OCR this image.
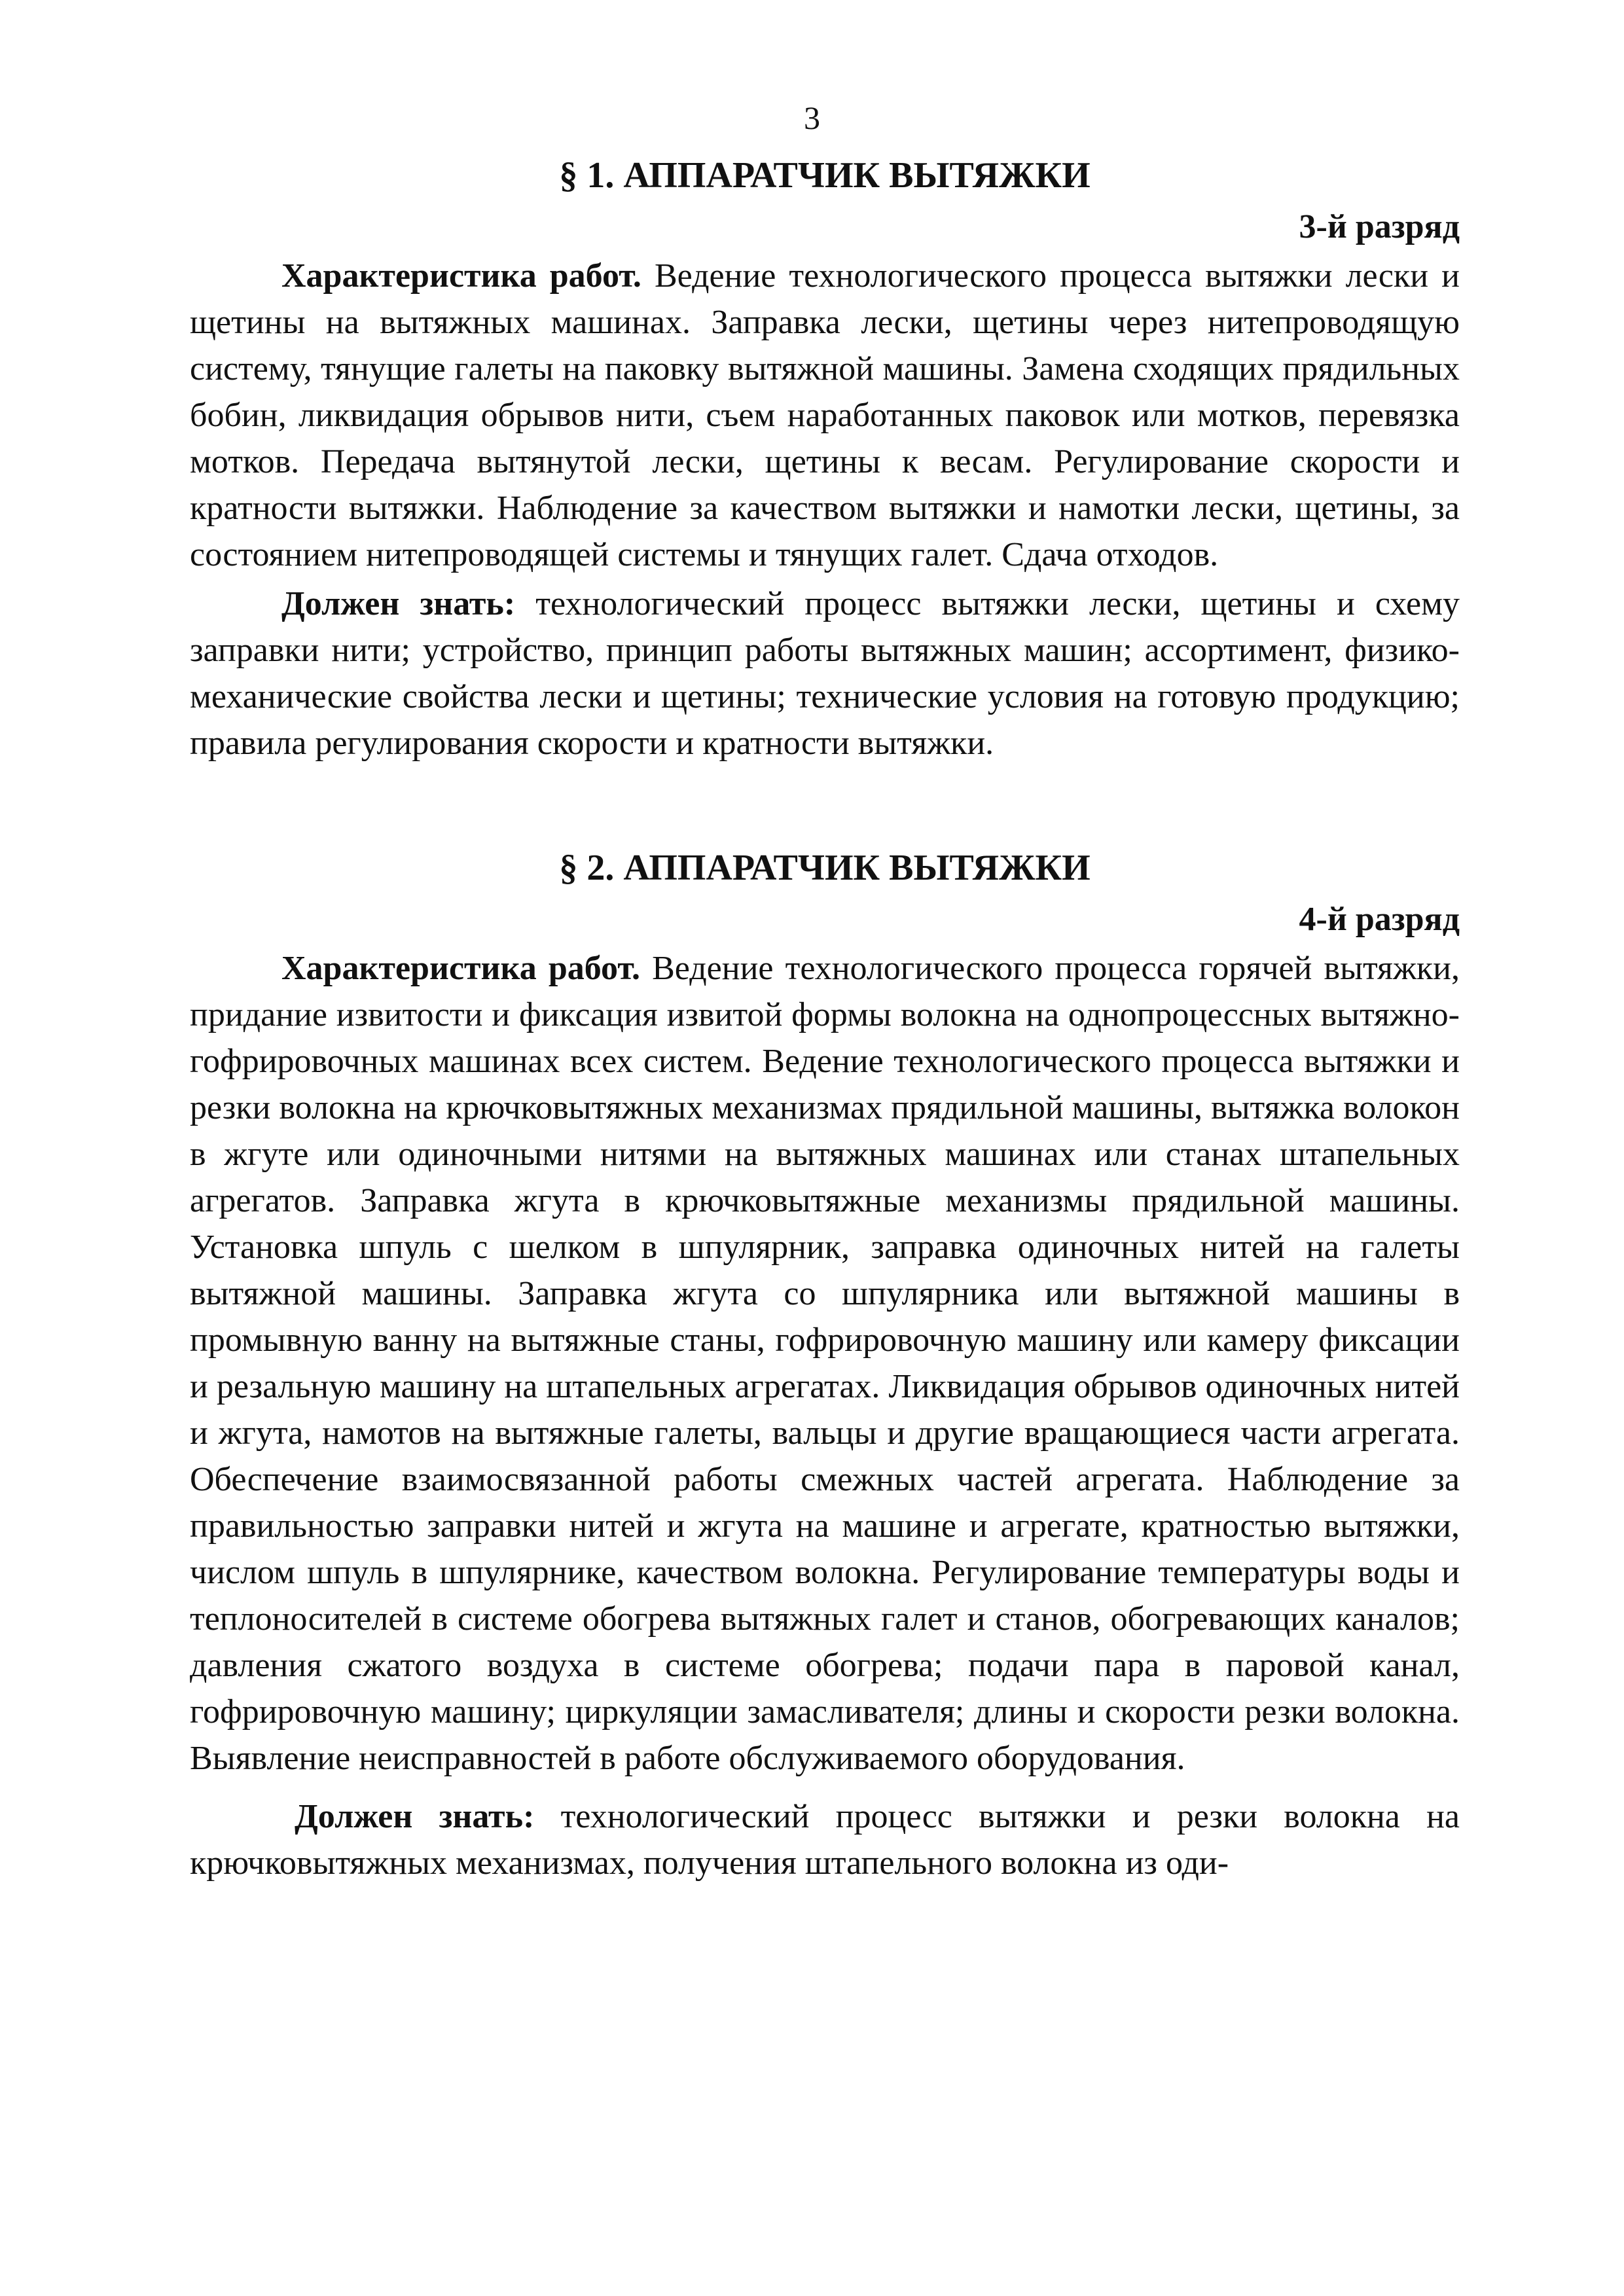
3
§ 1. АППАРАТЧИК ВЫТЯЖКИ

3-й разряд

Характеристика работ. Ведение технологического процесса вытяжки лески и щетины на вытяжных машинах. Заправка лески, щетины через нитепроводящую систему, тянущие галеты на паковку вытяжной машины. Замена сходящих прядильных бобин, ликвидация обрывов нити, съем наработанных паковок или мотков, перевязка мотков. Передача вытянутой лески, щетины к весам. Регулирование скорости и кратности вытяжки. Наблюдение за качеством вытяжки и намотки лески, щетины, за состоянием нитепроводящей системы и тянущих галет. Сдача отходов.

Должен знать: технологический процесс вытяжки лески, щетины и схему заправки нити; устройство, принцип работы вытяжных машин; ассортимент, физико-механические свойства лески и щетины; технические условия на готовую продукцию; правила регулирования скорости и кратности вытяжки.

§ 2. АППАРАТЧИК ВЫТЯЖКИ

4-й разряд

Характеристика работ. Ведение технологического процесса горячей вытяжки, придание извитости и фиксация извитой формы волокна на однопроцессных вытяжно-гофрировочных машинах всех систем. Ведение технологического процесса вытяжки и резки волокна на крючковытяжных механизмах прядильной машины, вытяжка волокон в жгуте или одиночными нитями на вытяжных машинах или станах штапельных агрегатов. Заправка жгута в крючковытяжные механизмы прядильной машины. Установка шпуль с шелком в шпулярник, заправка одиночных нитей на галеты вытяжной машины. Заправка жгута со шпулярника или вытяжной машины в промывную ванну на вытяжные станы, гофрировочную машину или камеру фиксации и резальную машину на штапельных агрегатах. Ликвидация обрывов одиночных нитей и жгута, намотов на вытяжные галеты, вальцы и другие вращающиеся части агрегата. Обеспечение взаимосвязанной работы смежных частей агрегата. Наблюдение за правильностью заправки нитей и жгута на машине и агрегате, кратностью вытяжки, числом шпуль в шпулярнике, качеством волокна. Регулирование температуры воды и теплоносителей в системе обогрева вытяжных галет и станов, обогревающих каналов; давления сжатого воздуха в системе обогрева; подачи пара в паровой канал, гофрировочную машину; циркуляции замасливателя; длины и скорости резки волокна. Выявление неисправностей в работе обслуживаемого оборудования.

Должен знать: технологический процесс вытяжки и резки волокна на крючковытяжных механизмах, получения штапельного волокна из оди-
